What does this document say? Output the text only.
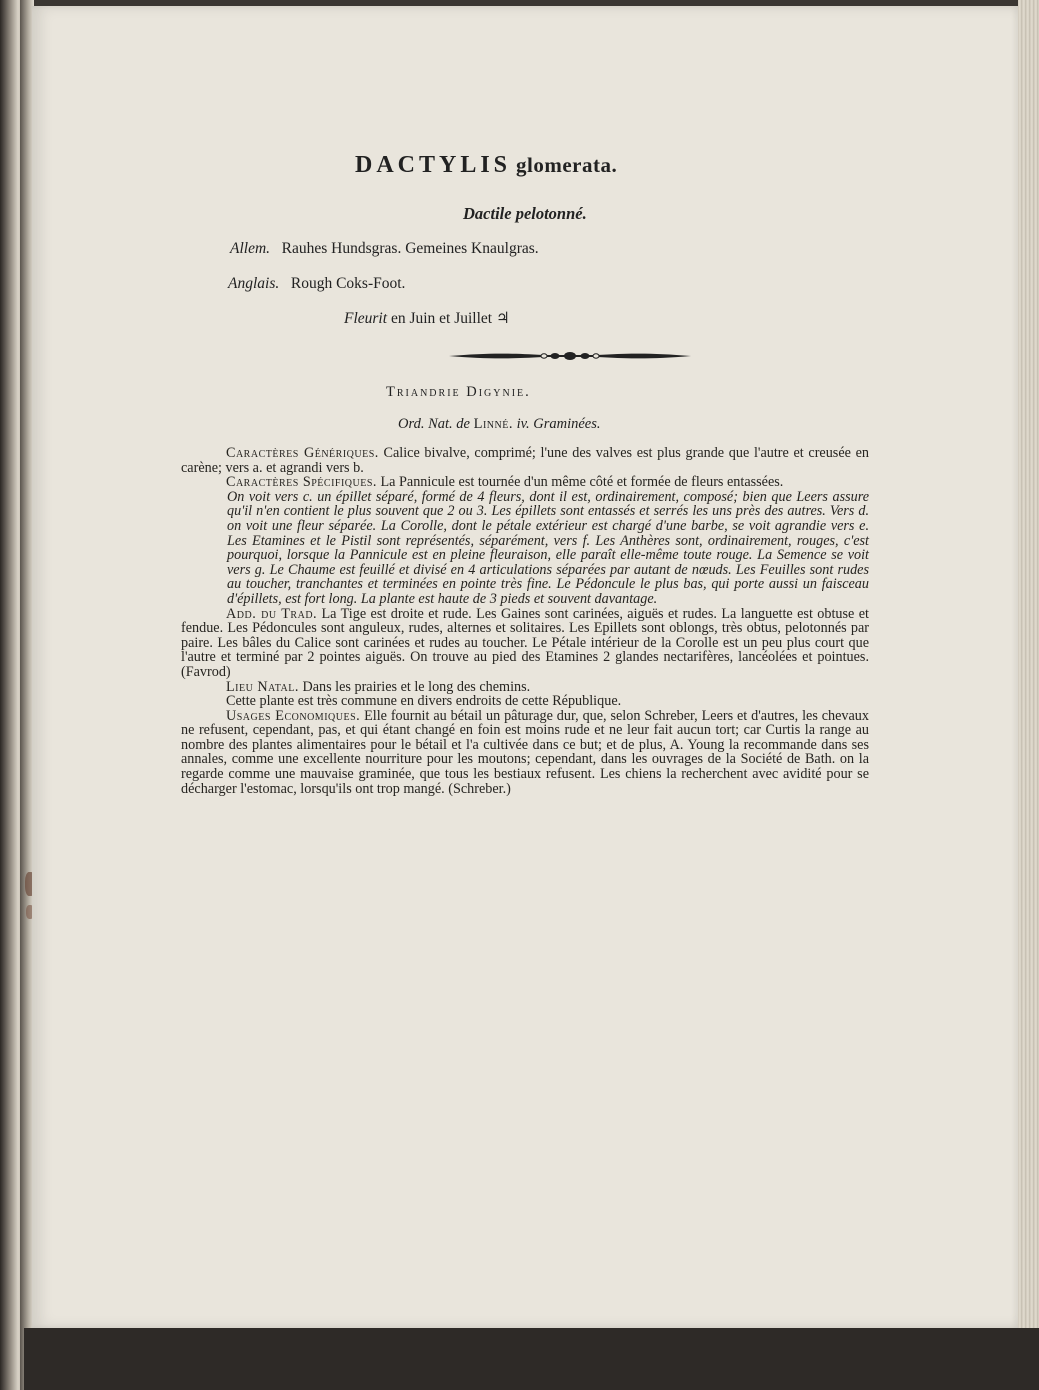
DACTYLIS glomerata.
Dactile pelotonné.
Allem. Rauhes Hundsgras. Gemeines Knaulgras.
Anglais. Rough Coks-Foot.
Fleurit en Juin et Juillet ♃
Triandrie Digynie.
Ord. Nat. de Linné. iv. Graminées.

Caractères Génériques. Calice bivalve, comprimé; l'une des valves est plus grande que l'autre et creusée en carène; vers a. et agrandi vers b.

Caractères Spécifiques. La Pannicule est tournée d'un même côté et formée de fleurs entassées.

On voit vers c. un épillet séparé, formé de 4 fleurs, dont il est, ordinairement, composé; bien que Leers assure qu'il n'en contient le plus souvent que 2 ou 3. Les épillets sont entassés et serrés les uns près des autres. Vers d. on voit une fleur séparée. La Corolle, dont le pétale extérieur est chargé d'une barbe, se voit agrandie vers e. Les Etamines et le Pistil sont représentés, séparément, vers f. Les Anthères sont, ordinairement, rouges, c'est pourquoi, lorsque la Pannicule est en pleine fleuraison, elle paraît elle-même toute rouge. La Semence se voit vers g. Le Chaume est feuillé et divisé en 4 articulations séparées par autant de nœuds. Les Feuilles sont rudes au toucher, tranchantes et terminées en pointe très fine. Le Pédoncule le plus bas, qui porte aussi un faisceau d'épillets, est fort long. La plante est haute de 3 pieds et souvent davantage.

Add. du Trad. La Tige est droite et rude. Les Gaines sont carinées, aiguës et rudes. La languette est obtuse et fendue. Les Pédoncules sont anguleux, rudes, alternes et solitaires. Les Epillets sont oblongs, très obtus, pelotonnés par paire. Les bâles du Calice sont carinées et rudes au toucher. Le Pétale intérieur de la Corolle est un peu plus court que l'autre et terminé par 2 pointes aiguës. On trouve au pied des Etamines 2 glandes nectarifères, lancéolées et pointues. (Favrod)

Lieu Natal. Dans les prairies et le long des chemins.

Cette plante est très commune en divers endroits de cette République.

Usages Economiques. Elle fournit au bétail un pâturage dur, que, selon Schreber, Leers et d'autres, les chevaux ne refusent, cependant, pas, et qui étant changé en foin est moins rude et ne leur fait aucun tort; car Curtis la range au nombre des plantes alimentaires pour le bétail et l'a cultivée dans ce but; et de plus, A. Young la recommande dans ses annales, comme une excellente nourriture pour les moutons; cependant, dans les ouvrages de la Société de Bath. on la regarde comme une mauvaise graminée, que tous les bestiaux refusent. Les chiens la recherchent avec avidité pour se décharger l'estomac, lorsqu'ils ont trop mangé. (Schreber.)
